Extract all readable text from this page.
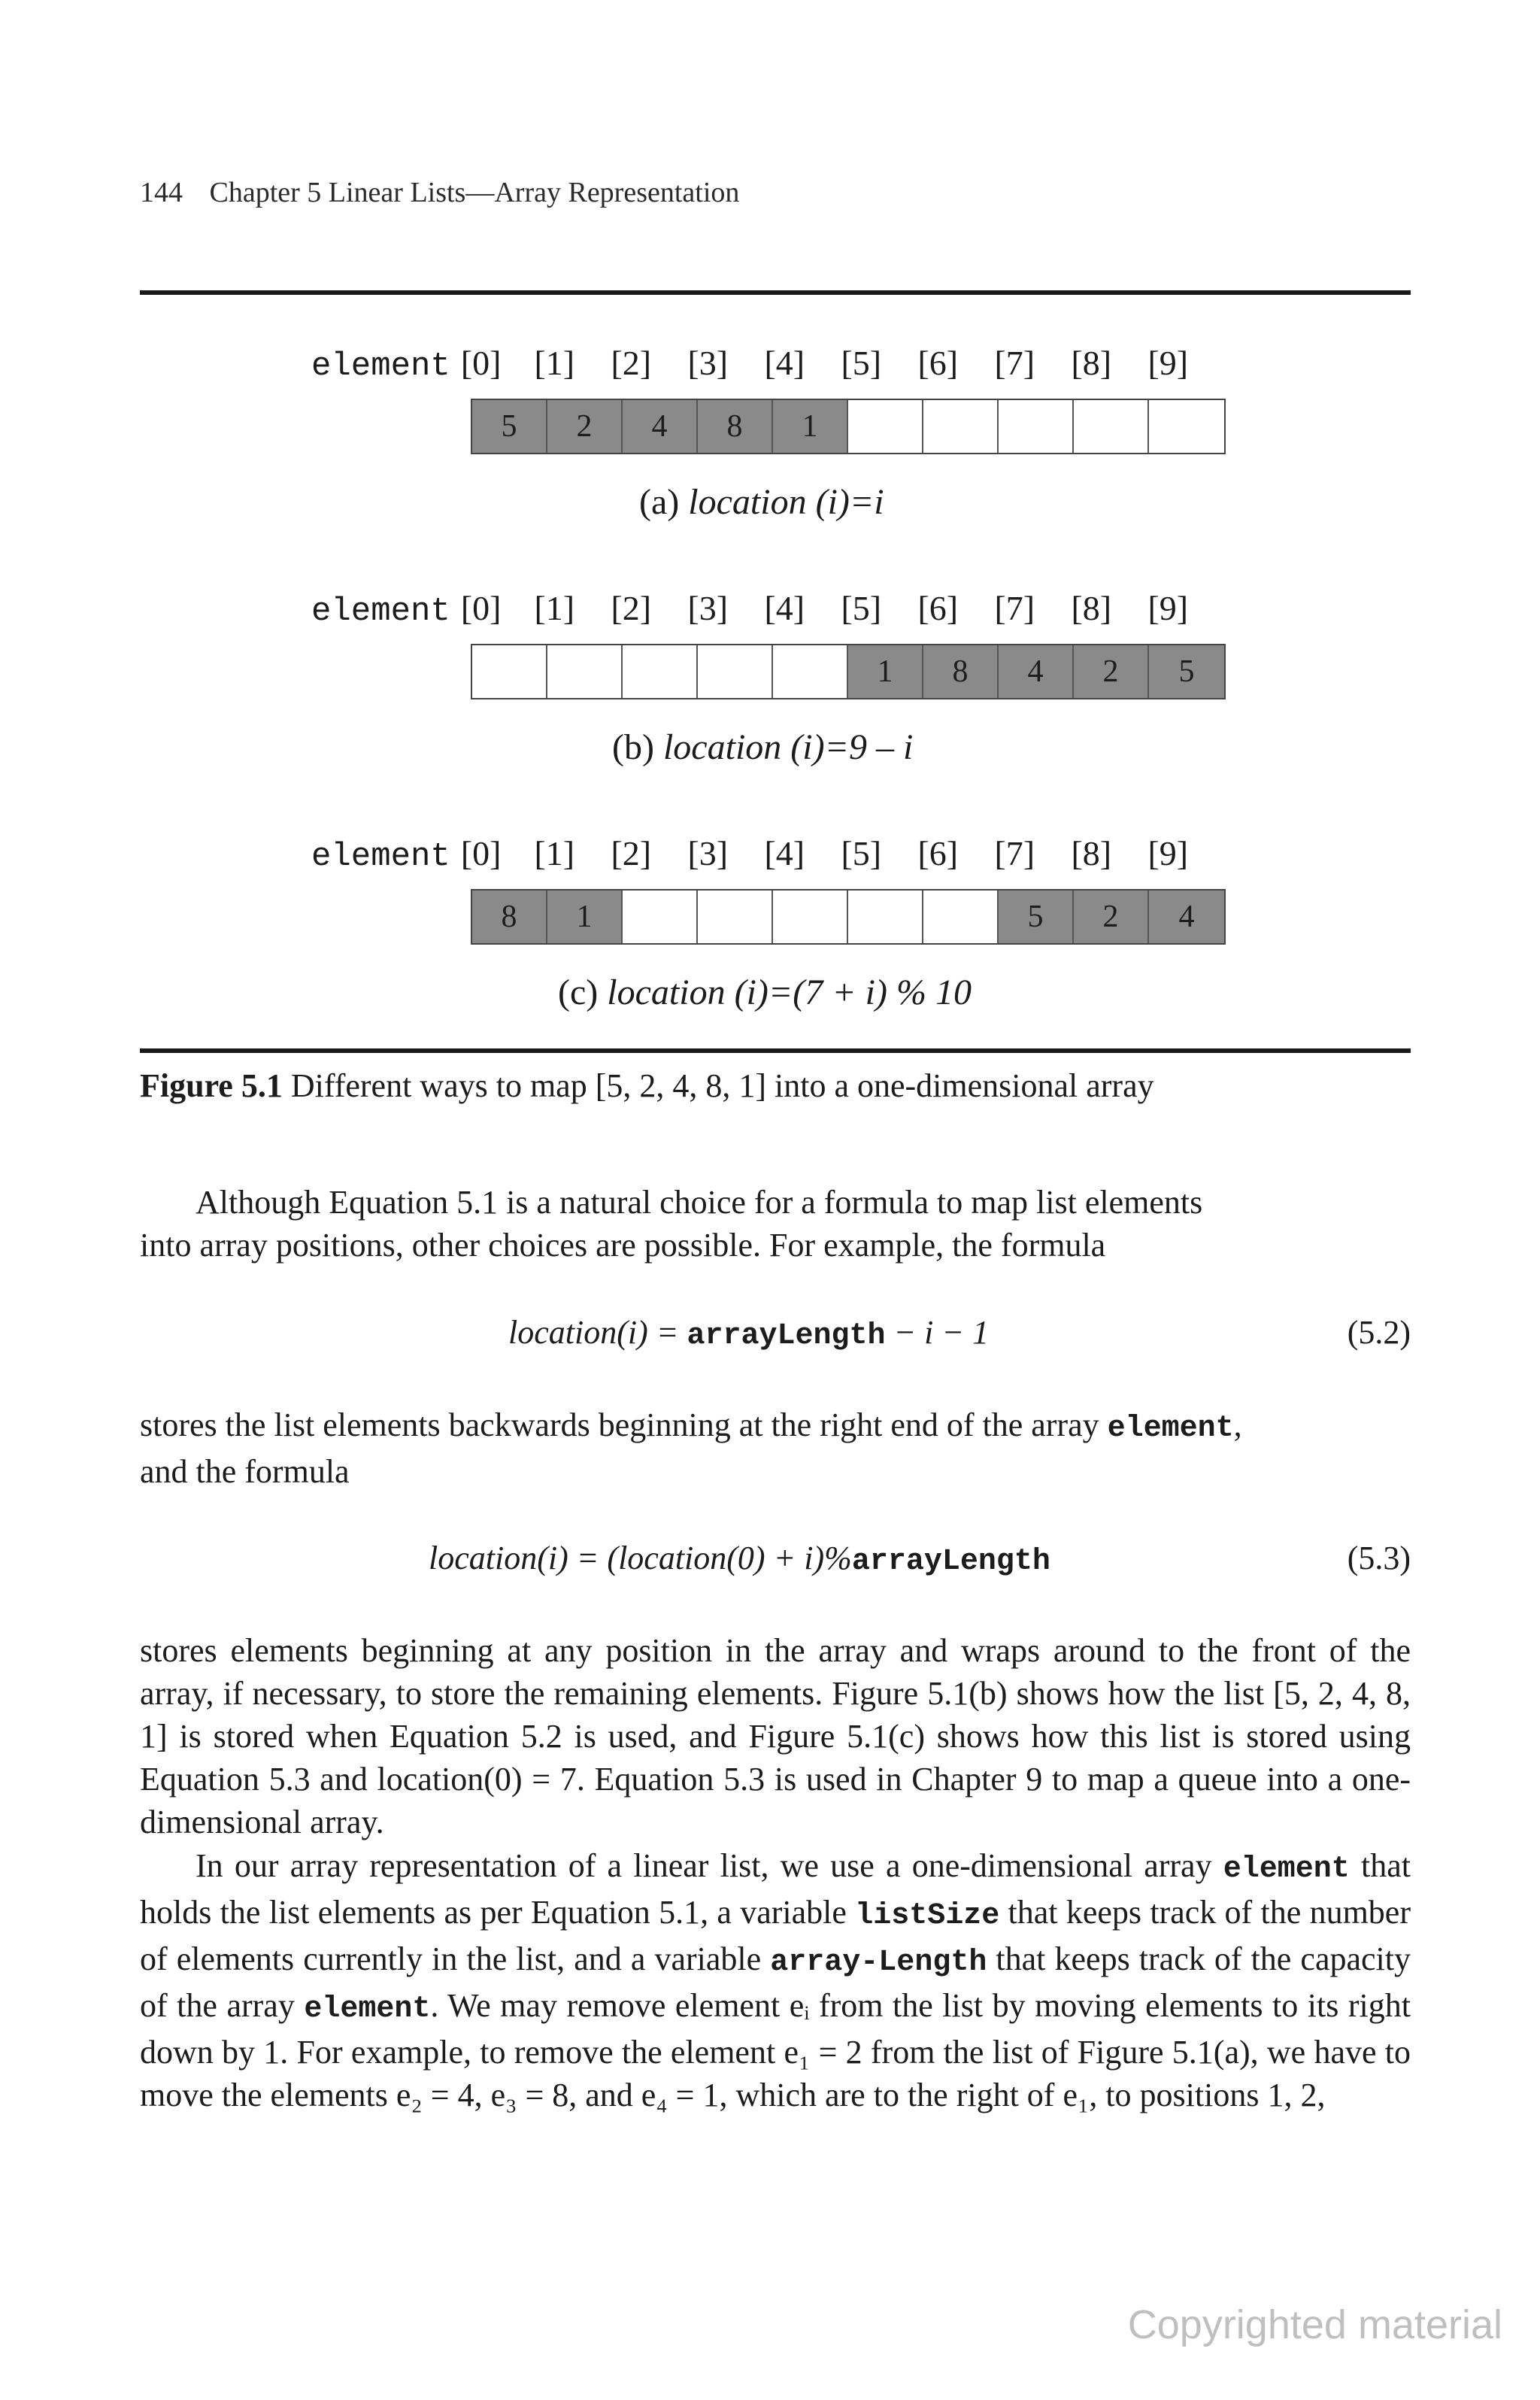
144 Chapter 5 Linear Lists—Array Representation
element [0] [1] [2] [3] [4] [5] [6] [7] [8] [9]
5	2	4	8	1
(a) location (i)=i
element [0] [1] [2] [3] [4] [5] [6] [7] [8] [9]
1	8	4	2	5
(b) location (i)=9 – i
element [0] [1] [2] [3] [4] [5] [6] [7] [8] [9]
8	1	5	2	4
(c) location (i)=(7 + i) % 10
Figure 5.1 Different ways to map [5, 2, 4, 8, 1] into a one-dimensional array
Although Equation 5.1 is a natural choice for a formula to map list elements
into array positions, other choices are possible. For example, the formula
location(i) = arrayLength − i − 1	(5.2)
stores the list elements backwards beginning at the right end of the array element,
and the formula
location(i) = (location(0) + i)%arrayLength	(5.3)
stores elements beginning at any position in the array and wraps around to the front of the array, if necessary, to store the remaining elements. Figure 5.1(b) shows how the list [5, 2, 4, 8, 1] is stored when Equation 5.2 is used, and Figure 5.1(c) shows how this list is stored using Equation 5.3 and location(0) = 7. Equation 5.3 is used in Chapter 9 to map a queue into a one-dimensional array.
In our array representation of a linear list, we use a one-dimensional array element that holds the list elements as per Equation 5.1, a variable listSize that keeps track of the number of elements currently in the list, and a variable array-Length that keeps track of the capacity of the array element. We may remove element eᵢ from the list by moving elements to its right down by 1. For example, to remove the element e₁ = 2 from the list of Figure 5.1(a), we have to move the elements e₂ = 4, e₃ = 8, and e₄ = 1, which are to the right of e₁, to positions 1, 2,
Copyrighted material
